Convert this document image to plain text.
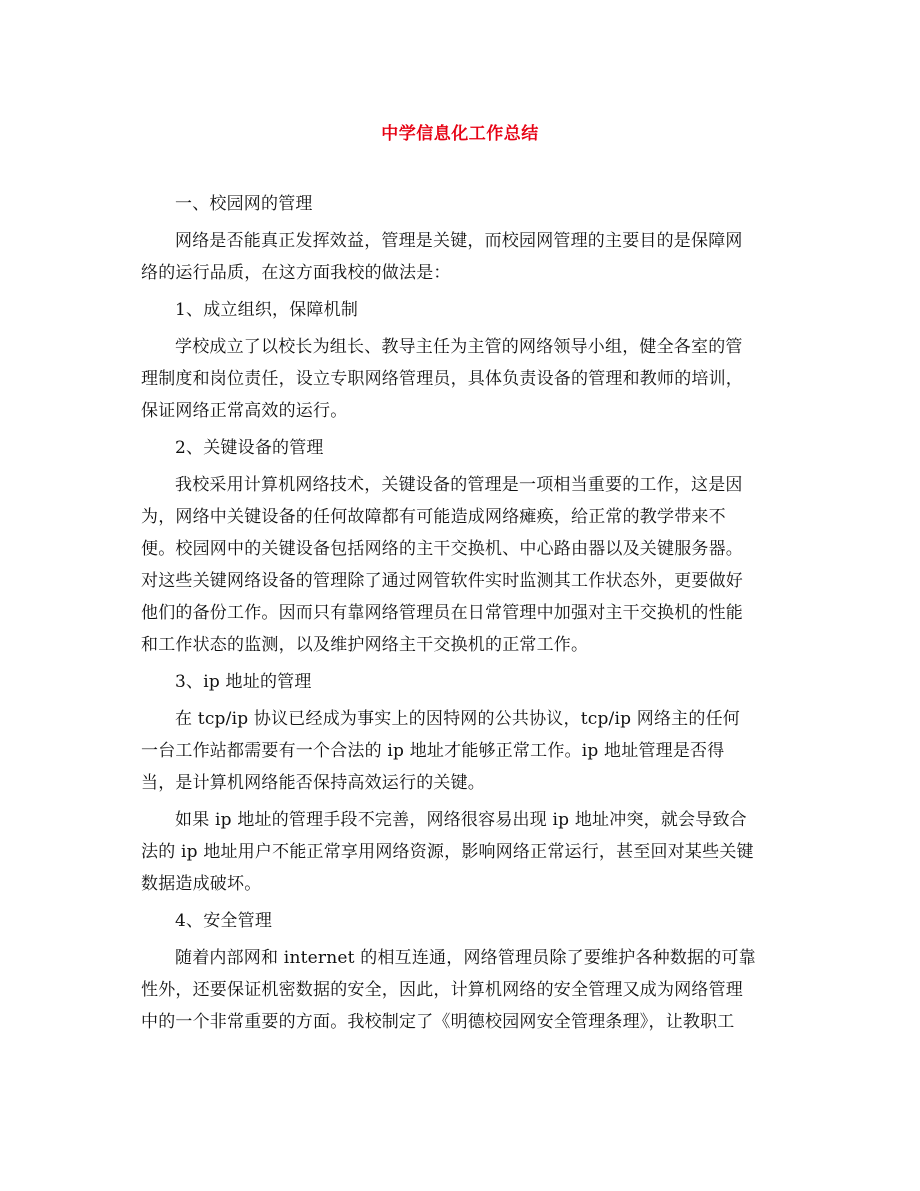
中学信息化工作总结
一、校园网的管理
网络是否能真正发挥效益，管理是关键，而校园网管理的主要目的是保障网
络的运行品质，在这方面我校的做法是：
1、成立组织，保障机制
学校成立了以校长为组长、教导主任为主管的网络领导小组，健全各室的管
理制度和岗位责任，设立专职网络管理员，具体负责设备的管理和教师的培训，
保证网络正常高效的运行。
2、关键设备的管理
我校采用计算机网络技术，关键设备的管理是一项相当重要的工作，这是因
为，网络中关键设备的任何故障都有可能造成网络瘫痪，给正常的教学带来不
便。校园网中的关键设备包括网络的主干交换机、中心路由器以及关键服务器。
对这些关键网络设备的管理除了通过网管软件实时监测其工作状态外，更要做好
他们的备份工作。因而只有靠网络管理员在日常管理中加强对主干交换机的性能
和工作状态的监测，以及维护网络主干交换机的正常工作。
3、ip 地址的管理
在 tcp/ip 协议已经成为事实上的因特网的公共协议，tcp/ip 网络主的任何
一台工作站都需要有一个合法的 ip 地址才能够正常工作。ip 地址管理是否得
当，是计算机网络能否保持高效运行的关键。
如果 ip 地址的管理手段不完善，网络很容易出现 ip 地址冲突，就会导致合
法的 ip 地址用户不能正常享用网络资源，影响网络正常运行，甚至回对某些关键
数据造成破坏。
4、安全管理
随着内部网和 internet 的相互连通，网络管理员除了要维护各种数据的可靠
性外，还要保证机密数据的安全，因此，计算机网络的安全管理又成为网络管理
中的一个非常重要的方面。我校制定了《明德校园网安全管理条理》，让教职工
